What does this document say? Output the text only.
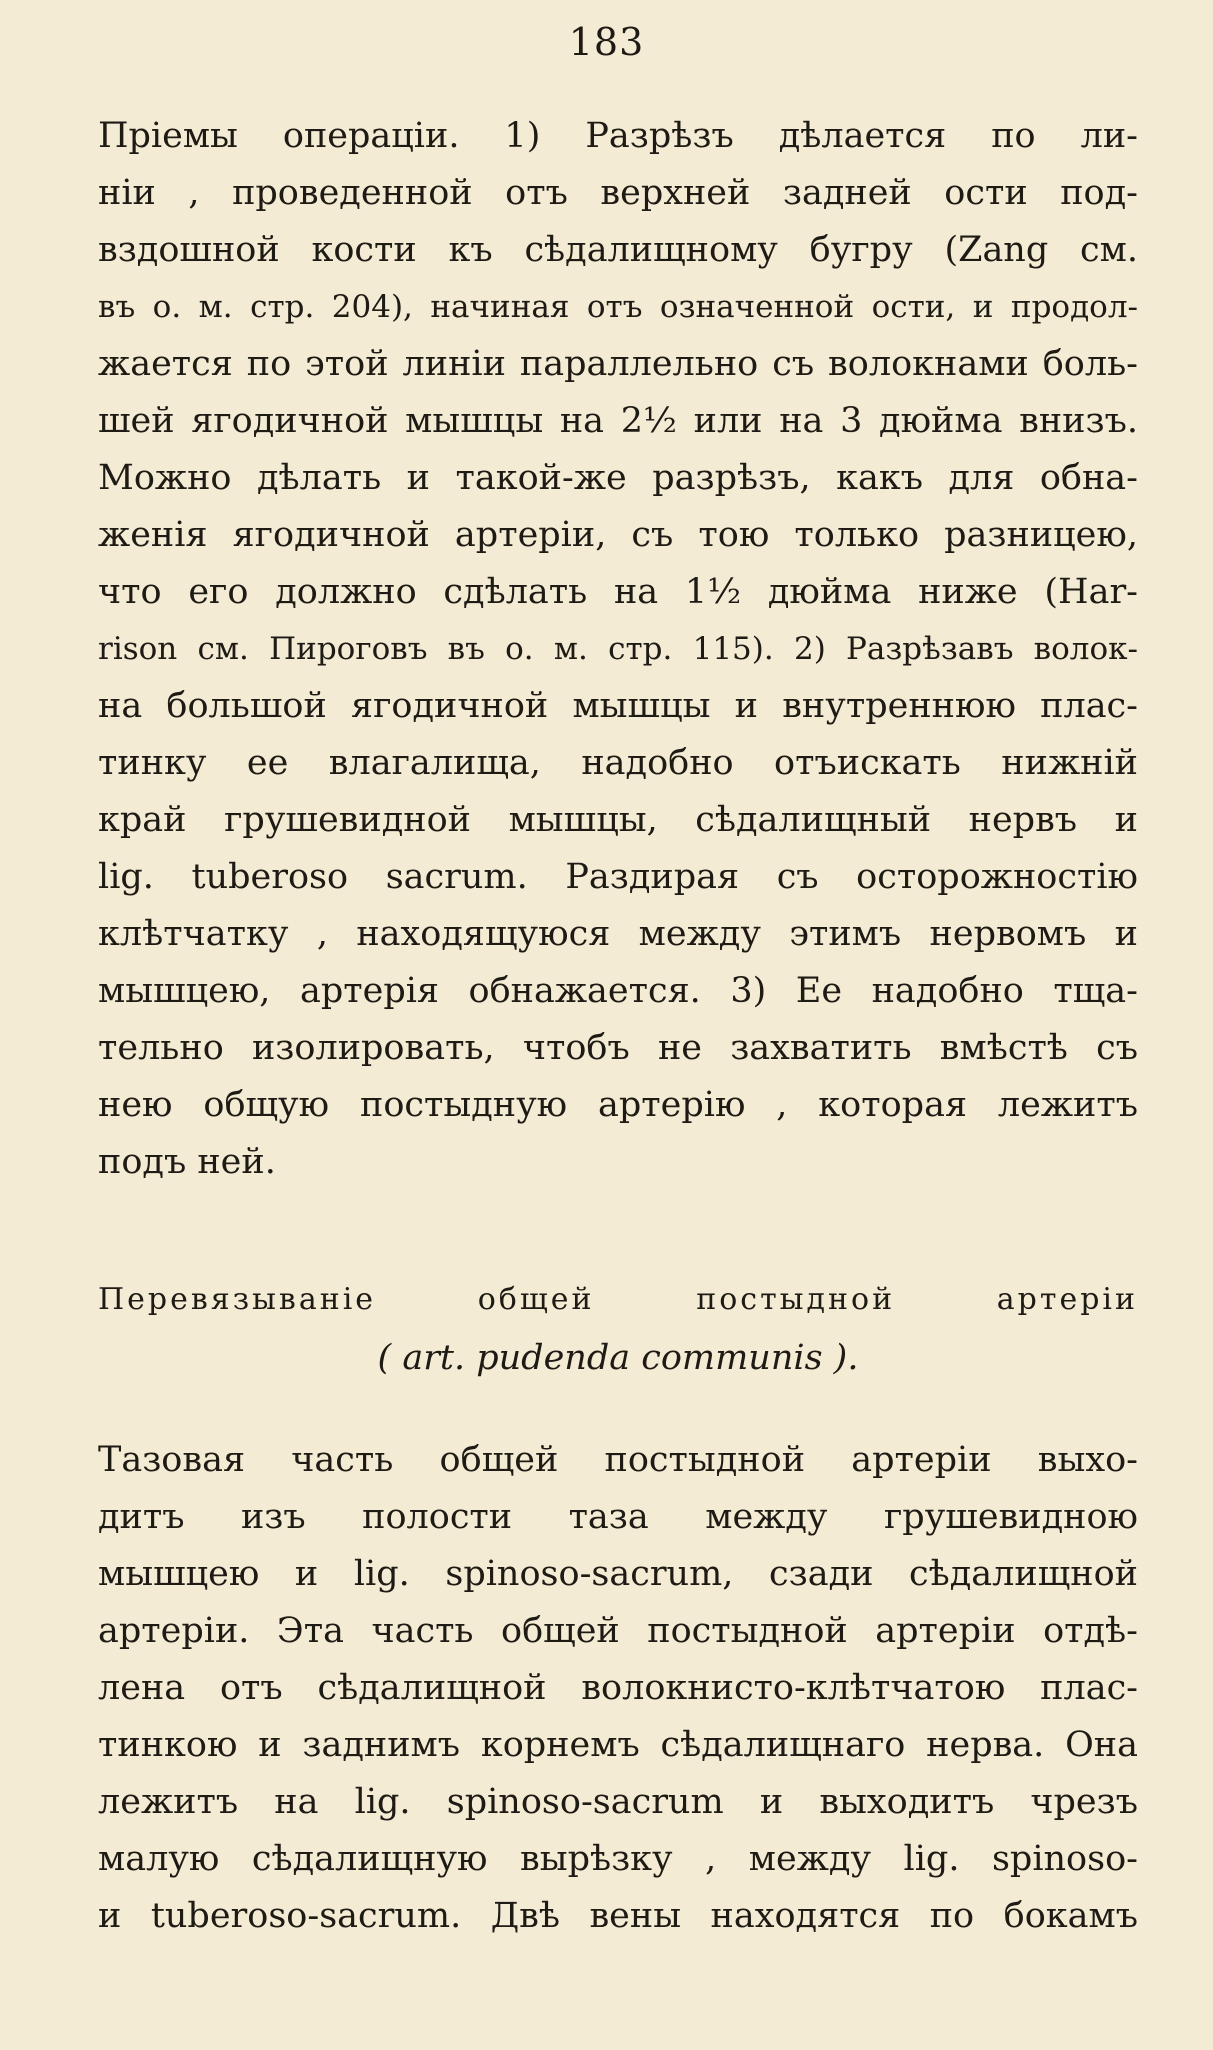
183
Пріемы операціи. 1) Разрѣзъ дѣлается по ли-
ніи , проведенной отъ верхней задней ости под-
вздошной кости къ сѣдалищному бугру (Zang см.
въ о. м. стр. 204), начиная отъ означенной ости, и продол-
жается по этой линіи параллельно съ волокнами боль-
шей ягодичной мышцы на 2½ или на 3 дюйма внизъ.
Можно дѣлать и такой-же разрѣзъ, какъ для обна-
женія ягодичной артеріи, съ тою только разницею,
что его должно сдѣлать на 1½ дюйма ниже (Har-
rison см. Пироговъ въ о. м. стр. 115). 2) Разрѣзавъ волок-
на большой ягодичной мышцы и внутреннюю плас-
тинку ее влагалища, надобно отъискать нижній
край грушевидной мышцы, сѣдалищный нервъ и
lig. tuberoso sacrum. Раздирая съ осторожностію
клѣтчатку , находящуюся между этимъ нервомъ и
мышцею, артерія обнажается. 3) Ее надобно тща-
тельно изолировать, чтобъ не захватить вмѣстѣ съ
нею общую постыдную артерію , которая лежитъ
подъ ней.
Перевязываніе общей постыдной артеріи
( art. pudenda communis ).
Тазовая часть общей постыдной артеріи выхо-
дитъ изъ полости таза между грушевидною
мышцею и lig. spinoso-sacrum, сзади сѣдалищной
артеріи. Эта часть общей постыдной артеріи отдѣ-
лена отъ сѣдалищной волокнисто-клѣтчатою плас-
тинкою и заднимъ корнемъ сѣдалищнаго нерва. Она
лежитъ на lig. spinoso-sacrum и выходитъ чрезъ
малую сѣдалищную вырѣзку , между lig. spinoso-
и tuberoso-sacrum. Двѣ вены находятся по бокамъ
